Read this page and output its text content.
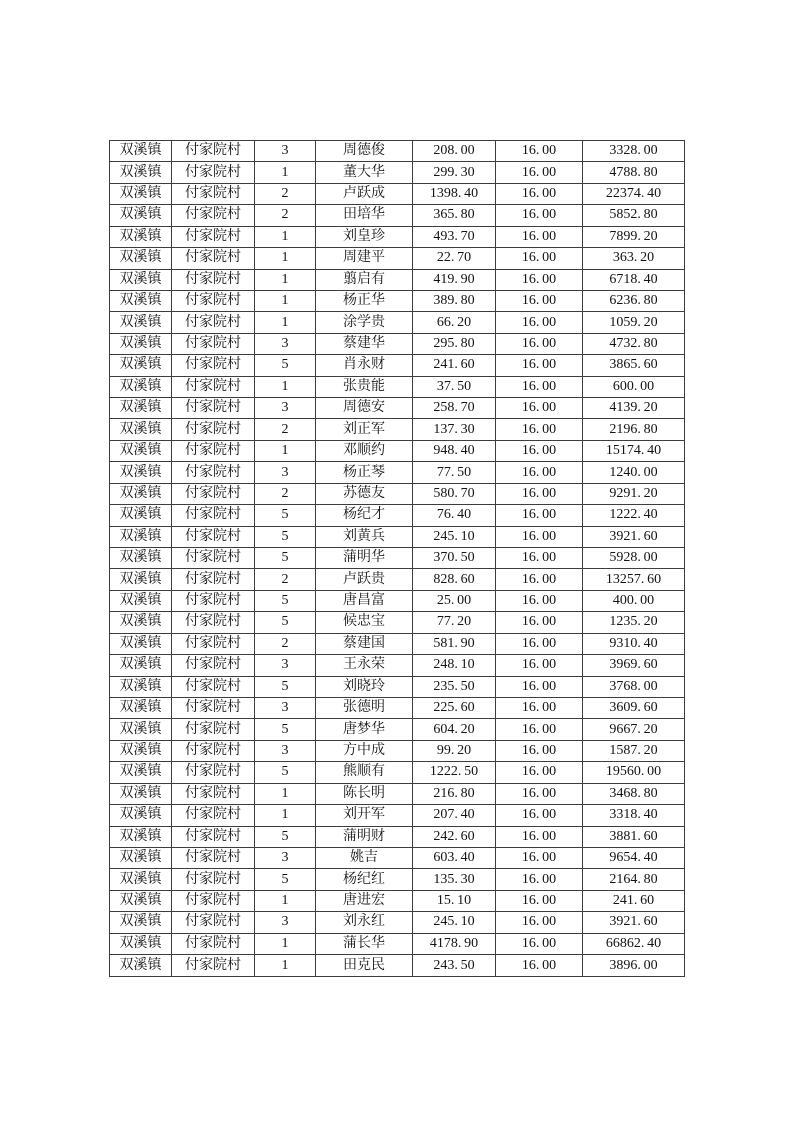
双溪镇	付家院村	3	周德俊	208. 00	16. 00	3328. 00
双溪镇	付家院村	1	董大华	299. 30	16. 00	4788. 80
双溪镇	付家院村	2	卢跃成	1398. 40	16. 00	22374. 40
双溪镇	付家院村	2	田培华	365. 80	16. 00	5852. 80
双溪镇	付家院村	1	刘皇珍	493. 70	16. 00	7899. 20
双溪镇	付家院村	1	周建平	22. 70	16. 00	363. 20
双溪镇	付家院村	1	翦启有	419. 90	16. 00	6718. 40
双溪镇	付家院村	1	杨正华	389. 80	16. 00	6236. 80
双溪镇	付家院村	1	涂学贵	66. 20	16. 00	1059. 20
双溪镇	付家院村	3	蔡建华	295. 80	16. 00	4732. 80
双溪镇	付家院村	5	肖永财	241. 60	16. 00	3865. 60
双溪镇	付家院村	1	张贵能	37. 50	16. 00	600. 00
双溪镇	付家院村	3	周德安	258. 70	16. 00	4139. 20
双溪镇	付家院村	2	刘正军	137. 30	16. 00	2196. 80
双溪镇	付家院村	1	邓顺约	948. 40	16. 00	15174. 40
双溪镇	付家院村	3	杨正琴	77. 50	16. 00	1240. 00
双溪镇	付家院村	2	苏德友	580. 70	16. 00	9291. 20
双溪镇	付家院村	5	杨纪才	76. 40	16. 00	1222. 40
双溪镇	付家院村	5	刘黄兵	245. 10	16. 00	3921. 60
双溪镇	付家院村	5	蒲明华	370. 50	16. 00	5928. 00
双溪镇	付家院村	2	卢跃贵	828. 60	16. 00	13257. 60
双溪镇	付家院村	5	唐昌富	25. 00	16. 00	400. 00
双溪镇	付家院村	5	候忠宝	77. 20	16. 00	1235. 20
双溪镇	付家院村	2	蔡建国	581. 90	16. 00	9310. 40
双溪镇	付家院村	3	王永荣	248. 10	16. 00	3969. 60
双溪镇	付家院村	5	刘晓玲	235. 50	16. 00	3768. 00
双溪镇	付家院村	3	张德明	225. 60	16. 00	3609. 60
双溪镇	付家院村	5	唐梦华	604. 20	16. 00	9667. 20
双溪镇	付家院村	3	方中成	99. 20	16. 00	1587. 20
双溪镇	付家院村	5	熊顺有	1222. 50	16. 00	19560. 00
双溪镇	付家院村	1	陈长明	216. 80	16. 00	3468. 80
双溪镇	付家院村	1	刘开军	207. 40	16. 00	3318. 40
双溪镇	付家院村	5	蒲明财	242. 60	16. 00	3881. 60
双溪镇	付家院村	3	姚吉	603. 40	16. 00	9654. 40
双溪镇	付家院村	5	杨纪红	135. 30	16. 00	2164. 80
双溪镇	付家院村	1	唐进宏	15. 10	16. 00	241. 60
双溪镇	付家院村	3	刘永红	245. 10	16. 00	3921. 60
双溪镇	付家院村	1	蒲长华	4178. 90	16. 00	66862. 40
双溪镇	付家院村	1	田克民	243. 50	16. 00	3896. 00
